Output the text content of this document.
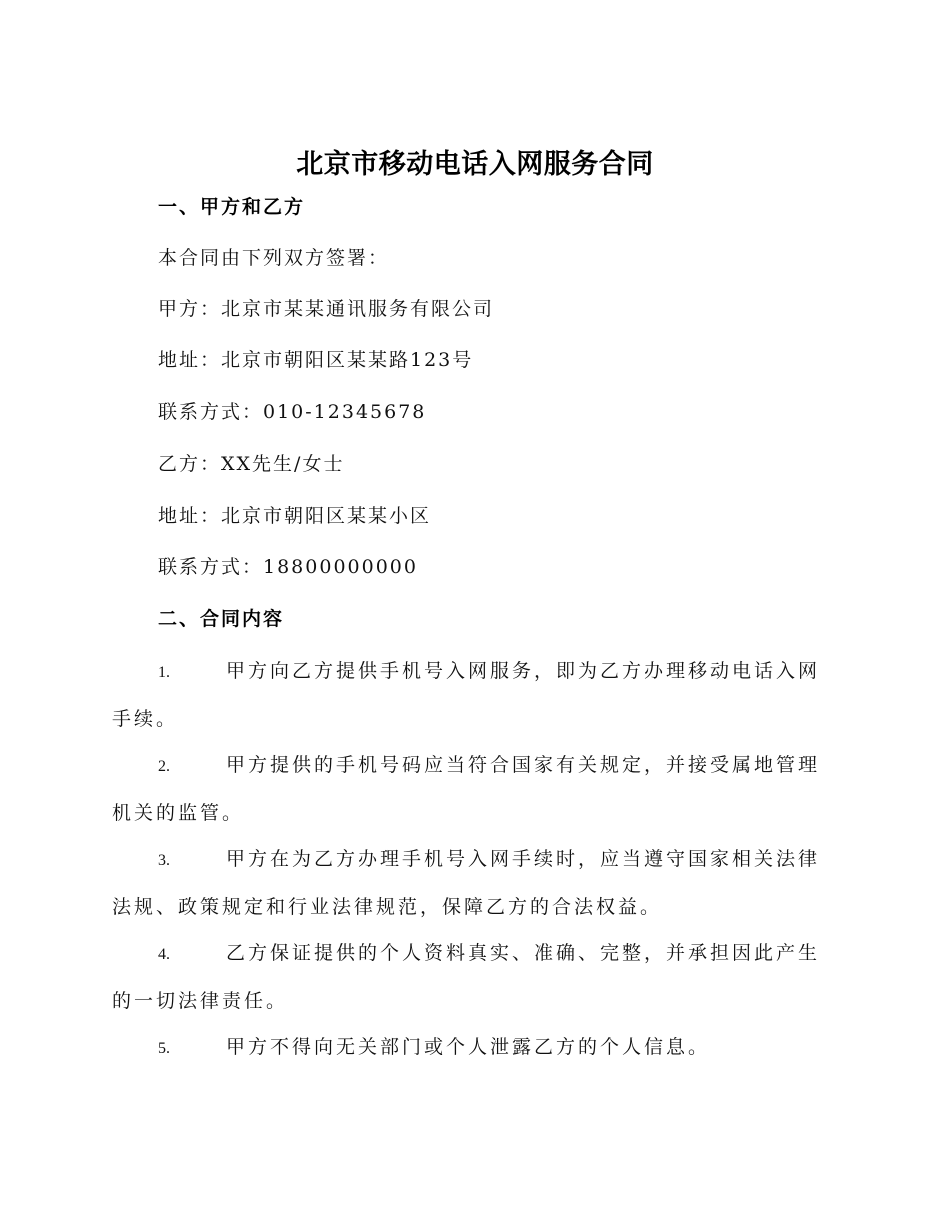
北京市移动电话入网服务合同
一、甲方和乙方
本合同由下列双方签署：
甲方：北京市某某通讯服务有限公司
地址：北京市朝阳区某某路123号
联系方式：010-12345678
乙方：XX先生/女士
地址：北京市朝阳区某某小区
联系方式：18800000000
二、合同内容
1.	甲方向乙方提供手机号入网服务，即为乙方办理移动电话入网手续。
2.	甲方提供的手机号码应当符合国家有关规定，并接受属地管理机关的监管。
3.	甲方在为乙方办理手机号入网手续时，应当遵守国家相关法律法规、政策规定和行业法律规范，保障乙方的合法权益。
4.	乙方保证提供的个人资料真实、准确、完整，并承担因此产生的一切法律责任。
5.	甲方不得向无关部门或个人泄露乙方的个人信息。
